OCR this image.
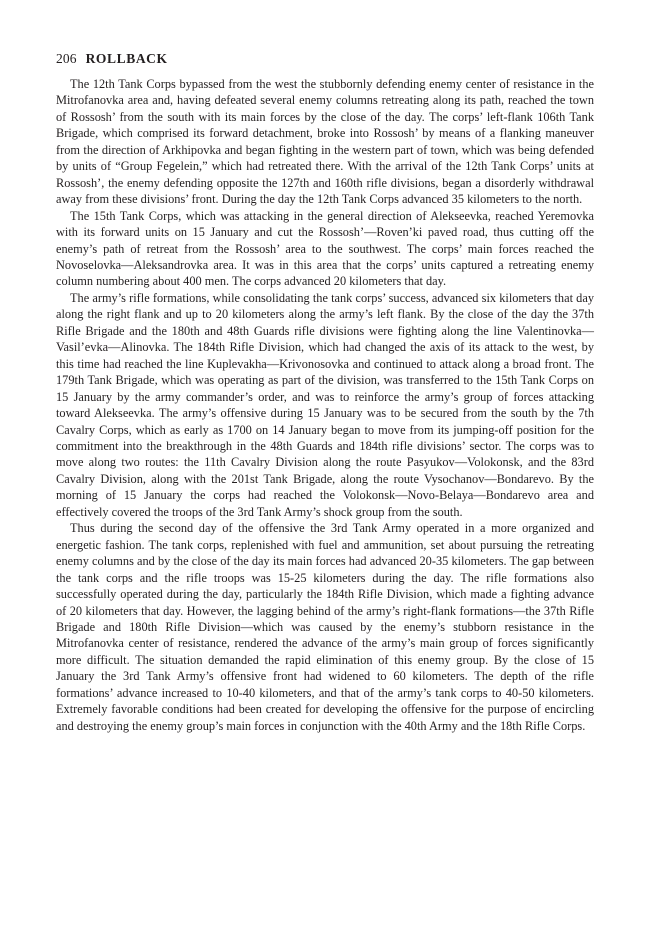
206 ROLLBACK

The 12th Tank Corps bypassed from the west the stubbornly defending enemy center of resistance in the Mitrofanovka area and, having defeated several enemy columns retreating along its path, reached the town of Rossosh’ from the south with its main forces by the close of the day. The corps’ left-flank 106th Tank Brigade, which comprised its forward detachment, broke into Rossosh’ by means of a flanking maneuver from the direction of Arkhipovka and began fighting in the western part of town, which was being defended by units of “Group Fegelein,” which had retreated there. With the arrival of the 12th Tank Corps’ units at Rossosh’, the enemy defending opposite the 127th and 160th rifle divisions, began a disorderly withdrawal away from these divisions’ front. During the day the 12th Tank Corps advanced 35 kilometers to the north.

The 15th Tank Corps, which was attacking in the general direction of Alekseevka, reached Yeremovka with its forward units on 15 January and cut the Rossosh’—Roven’ki paved road, thus cutting off the enemy’s path of retreat from the Rossosh’ area to the southwest. The corps’ main forces reached the Novoselovka—Aleksandrovka area. It was in this area that the corps’ units captured a retreating enemy column numbering about 400 men. The corps advanced 20 kilometers that day.

The army’s rifle formations, while consolidating the tank corps’ success, advanced six kilometers that day along the right flank and up to 20 kilometers along the army’s left flank. By the close of the day the 37th Rifle Brigade and the 180th and 48th Guards rifle divisions were fighting along the line Valentinovka—Vasil’evka—Alinovka. The 184th Rifle Division, which had changed the axis of its attack to the west, by this time had reached the line Kuplevakha—Krivonosovka and continued to attack along a broad front. The 179th Tank Brigade, which was operating as part of the division, was transferred to the 15th Tank Corps on 15 January by the army commander’s order, and was to reinforce the army’s group of forces attacking toward Alekseevka. The army’s offensive during 15 January was to be secured from the south by the 7th Cavalry Corps, which as early as 1700 on 14 January began to move from its jumping-off position for the commitment into the breakthrough in the 48th Guards and 184th rifle divisions’ sector. The corps was to move along two routes: the 11th Cavalry Division along the route Pasyukov—Volokonsk, and the 83rd Cavalry Division, along with the 201st Tank Brigade, along the route Vysochanov—Bondarevo. By the morning of 15 January the corps had reached the Volokonsk—Novo-Belaya—Bondarevo area and effectively covered the troops of the 3rd Tank Army’s shock group from the south.

Thus during the second day of the offensive the 3rd Tank Army operated in a more organized and energetic fashion. The tank corps, replenished with fuel and ammunition, set about pursuing the retreating enemy columns and by the close of the day its main forces had advanced 20-35 kilometers. The gap between the tank corps and the rifle troops was 15-25 kilometers during the day. The rifle formations also successfully operated during the day, particularly the 184th Rifle Division, which made a fighting advance of 20 kilometers that day. However, the lagging behind of the army’s right-flank formations—the 37th Rifle Brigade and 180th Rifle Division—which was caused by the enemy’s stubborn resistance in the Mitrofanovka center of resistance, rendered the advance of the army’s main group of forces significantly more difficult. The situation demanded the rapid elimination of this enemy group. By the close of 15 January the 3rd Tank Army’s offensive front had widened to 60 kilometers. The depth of the rifle formations’ advance increased to 10-40 kilometers, and that of the army’s tank corps to 40-50 kilometers. Extremely favorable conditions had been created for developing the offensive for the purpose of encircling and destroying the enemy group’s main forces in conjunction with the 40th Army and the 18th Rifle Corps.
